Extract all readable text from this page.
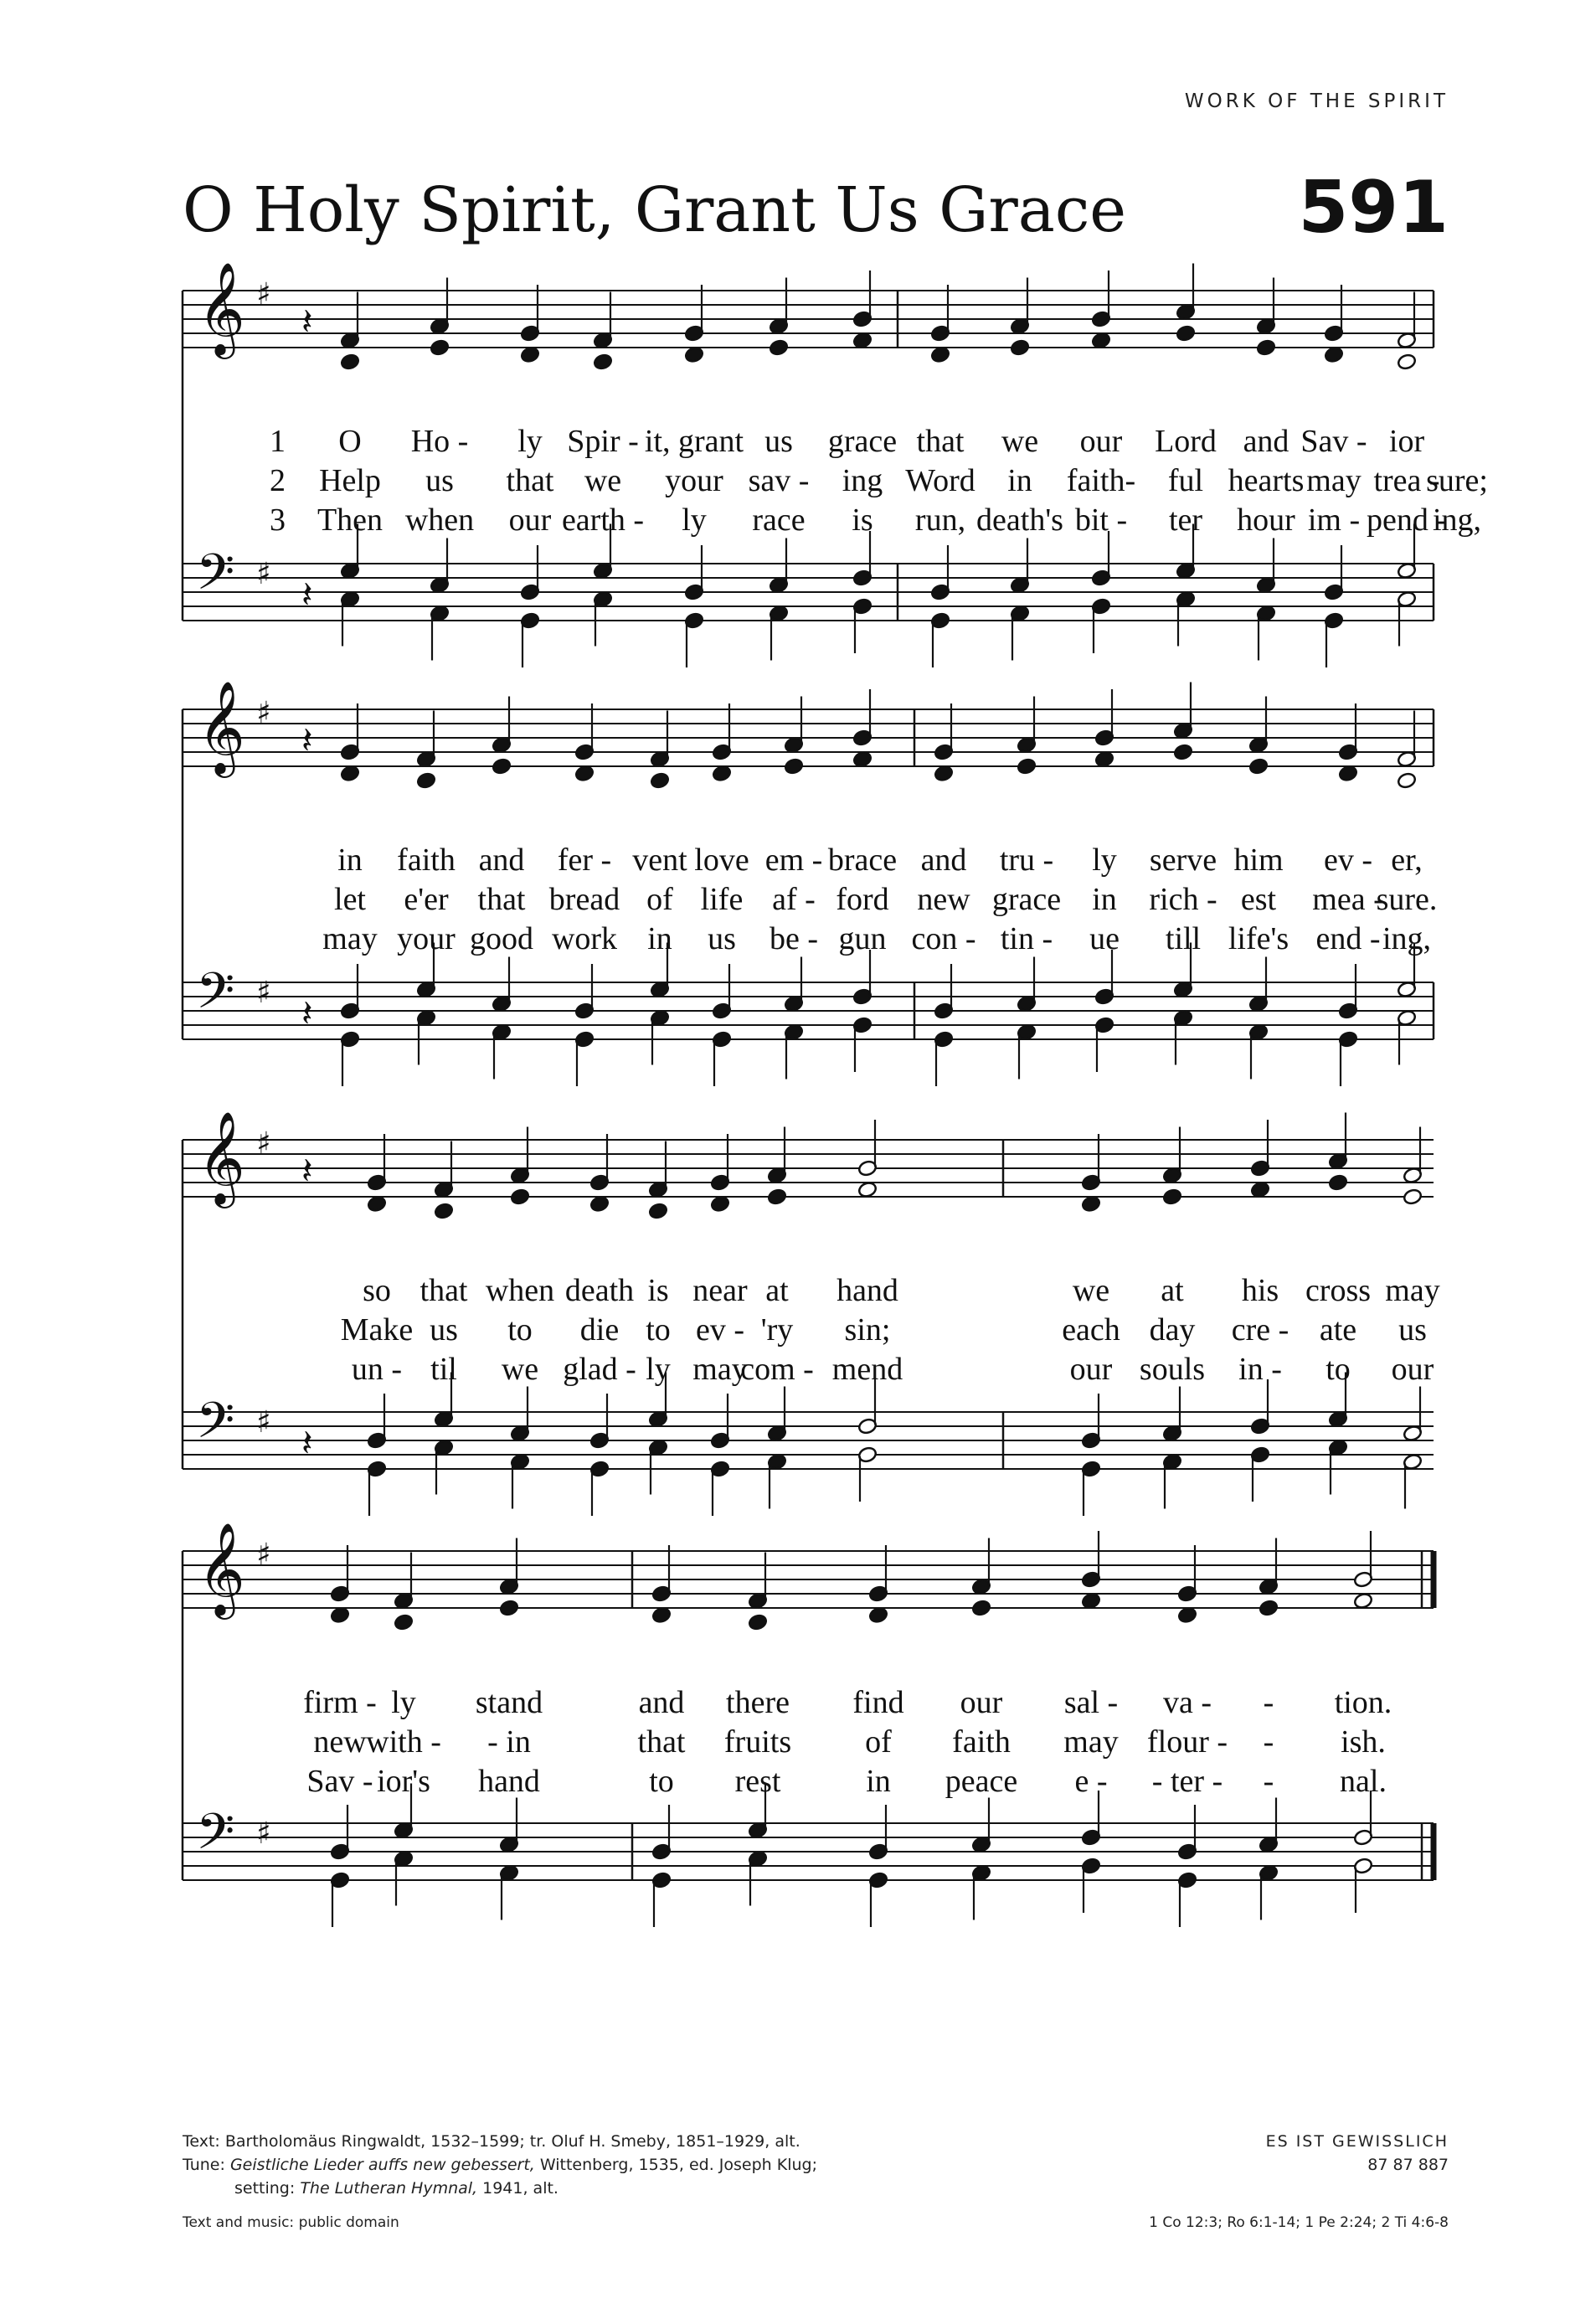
WORK OF THE SPIRIT
O Holy Spirit, Grant Us Grace 591
𝄞
𝄢
♯
♯
𝄽
𝄽
1 O Ho - ly Spir - it, grant us grace that we our Lord and Sav - ior
2 Help us that we your sav - ing Word in faith- ful hearts may trea -
sure;
3 Then when our earth - ly race is run, death's bit - ter hour im - pend -
ing,
𝄞
𝄢
♯
♯
𝄽
𝄽
in faith and fer - vent love em - brace and tru - ly serve him ev - er,
let e'er that bread of life af - ford new grace in rich - est mea -
sure.
may your good work in us be - gun con - tin - ue till life's end - ing,
𝄞
𝄢
♯
♯
𝄽
𝄽
so that when death is near at hand	we at his cross may
Make us to die to ev - 'ry sin;	each day cre - ate us
un - til we glad - ly may
com - mend	our souls in - to our
𝄞
𝄢
♯
♯
firm - ly stand	and there find our sal - va - - tion.
new with - - in	that fruits of faith may flour - - ish.
Sav - ior's hand	to rest	in peace e - - ter - - nal.
Text: Bartholomäus Ringwaldt, 1532–1599; tr. Oluf H. Smeby, 1851–1929, alt.
Tune: Geistliche Lieder auffs new gebessert, Wittenberg, 1535, ed. Joseph Klug;
setting: The Lutheran Hymnal, 1941, alt.
ES IST GEWISSLICH
87 87 887
Text and music: public domain	1 Co 12:3; Ro 6:1-14; 1 Pe 2:24; 2 Ti 4:6-8
